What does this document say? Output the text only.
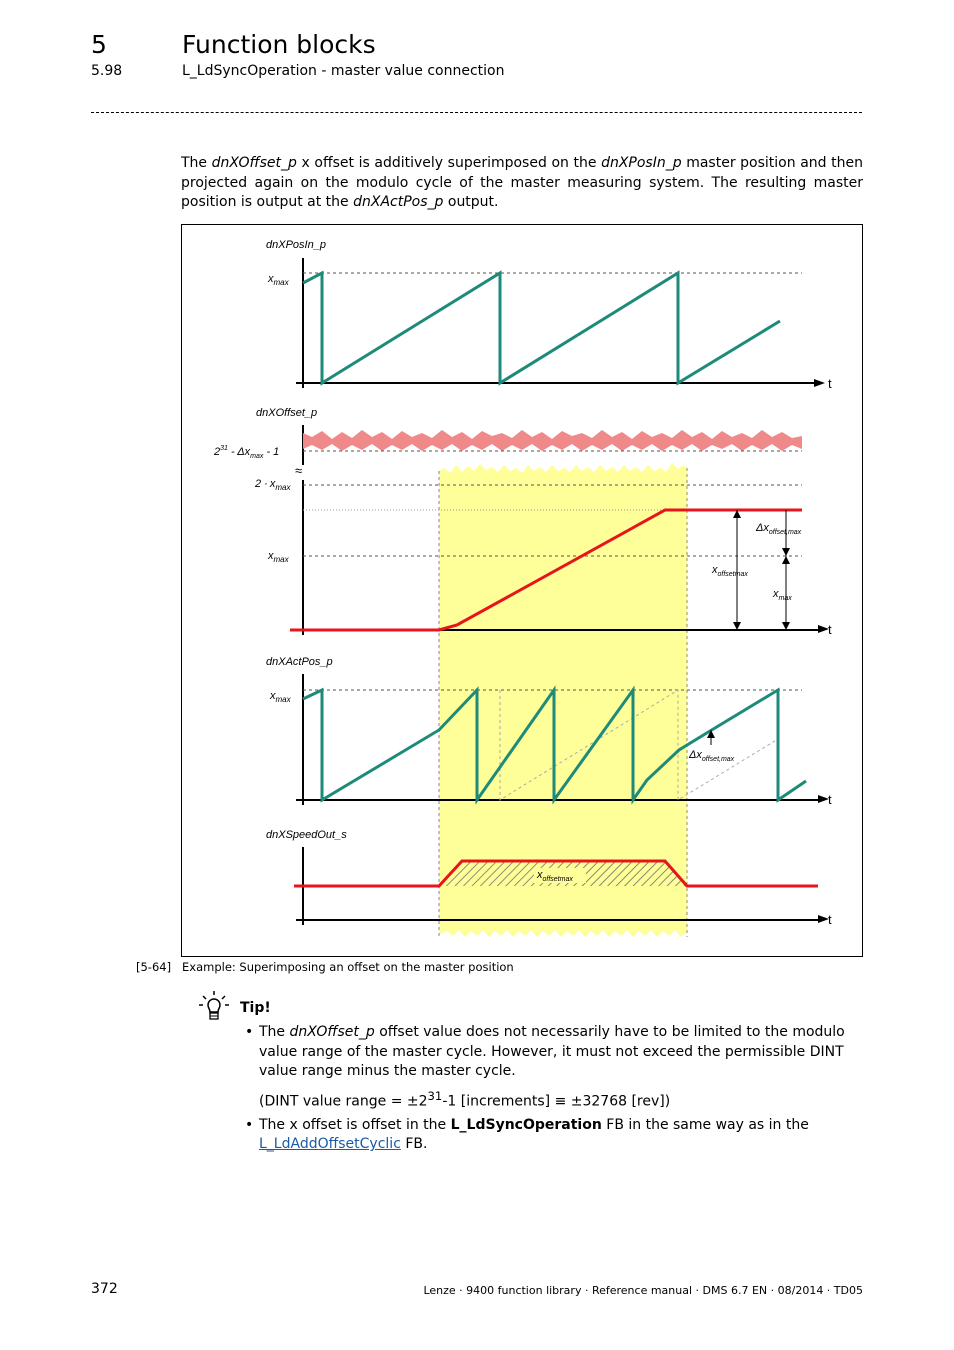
5	Function blocks
5.98	L_LdSyncOperation - master value connection
The dnXOffset_p x offset is additively superimposed on the dnXPosIn_p master position and then projected again on the modulo cycle of the master measuring system. The resulting master position is output at the dnXActPos_p output.
dnXPosIn_p
t
$x_{max}$
dnXOffset_p
≈
$2^{31} - \Delta x_{max} - 1$
$2 \cdot x_{max}$
$x_{max}$
t
$\Delta x_{offset,max}$
$x_{offsetmax}$
$x_{max}$
dnXActPos_p
t
$x_{max}$
$\Delta x_{offset,max}$
dnXSpeedOut_s
t
$x_{offsetmax}$
[5-64] Example: Superimposing an offset on the master position
Tip!
• The dnXOffset_p offset value does not necessarily have to be limited to the modulo value range of the master cycle. However, it must not exceed the permissible DINT value range minus the master cycle.
(DINT value range = $\pm 2^{31}-1$ [increments] ≡ ±32768 [rev])
• The x offset is offset in the L_LdSyncOperation FB in the same way as in the
L_LdAddOffsetCyclic FB.
372	Lenze · 9400 function library · Reference manual · DMS 6.7 EN · 08/2014 · TD05
